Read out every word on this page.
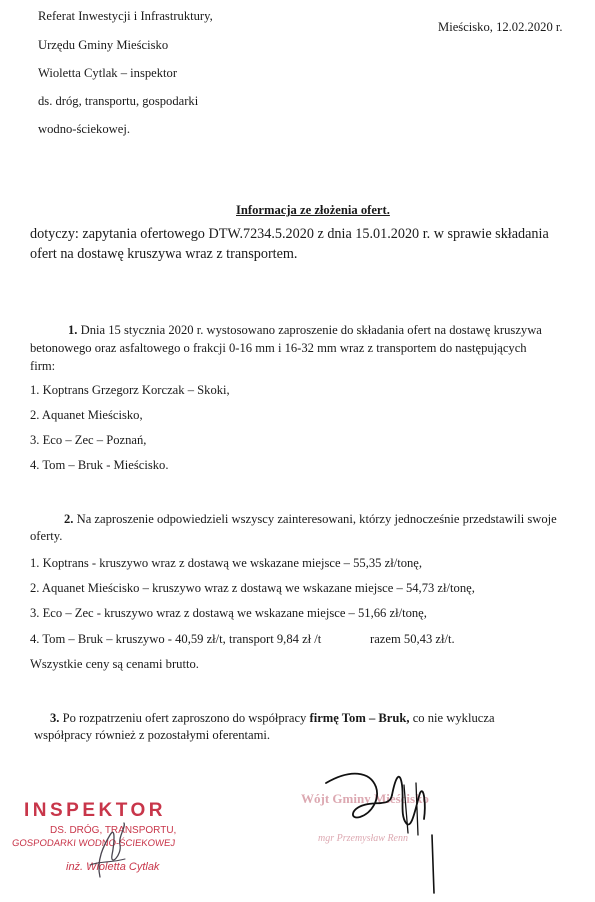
Referat Inwestycji i Infrastruktury,
Urzędu Gminy Mieścisko
Wioletta Cytlak – inspektor
ds. dróg, transportu, gospodarki
wodno-ściekowej.
Mieścisko, 12.02.2020 r.
Informacja ze złożenia ofert.
dotyczy: zapytania ofertowego DTW.7234.5.2020 z dnia 15.01.2020 r. w sprawie składania
ofert na dostawę kruszywa wraz z transportem.
1. Dnia 15 stycznia 2020 r. wystosowano zaproszenie do składania ofert na dostawę kruszywa
betonowego oraz asfaltowego o frakcji 0-16 mm i 16-32 mm wraz z transportem do następujących
firm:
1. Koptrans Grzegorz Korczak – Skoki,
2. Aquanet Mieścisko,
3. Eco – Zec – Poznań,
4. Tom – Bruk - Mieścisko.
2. Na zaproszenie odpowiedzieli wszyscy zainteresowani, którzy jednocześnie przedstawili swoje
oferty.
1. Koptrans - kruszywo wraz z dostawą we wskazane miejsce – 55,35 zł/tonę,
2. Aquanet Mieścisko – kruszywo wraz z dostawą we wskazane miejsce – 54,73 zł/tonę,
3. Eco – Zec - kruszywo wraz z dostawą we wskazane miejsce – 51,66 zł/tonę,
4. Tom – Bruk – kruszywo - 40,59 zł/t, transport 9,84 zł /t	razem 50,43 zł/t.
Wszystkie ceny są cenami brutto.
3. Po rozpatrzeniu ofert zaproszono do współpracy firmę Tom – Bruk, co nie wyklucza
współpracy również z pozostałymi oferentami.
INSPEKTOR
DS. DRÓG, TRANSPORTU,
GOSPODARKI WODNO-ŚCIEKOWEJ
inż. Wioletta Cytlak
Wójt Gminy Mieścisko
mgr Przemysław Renn
